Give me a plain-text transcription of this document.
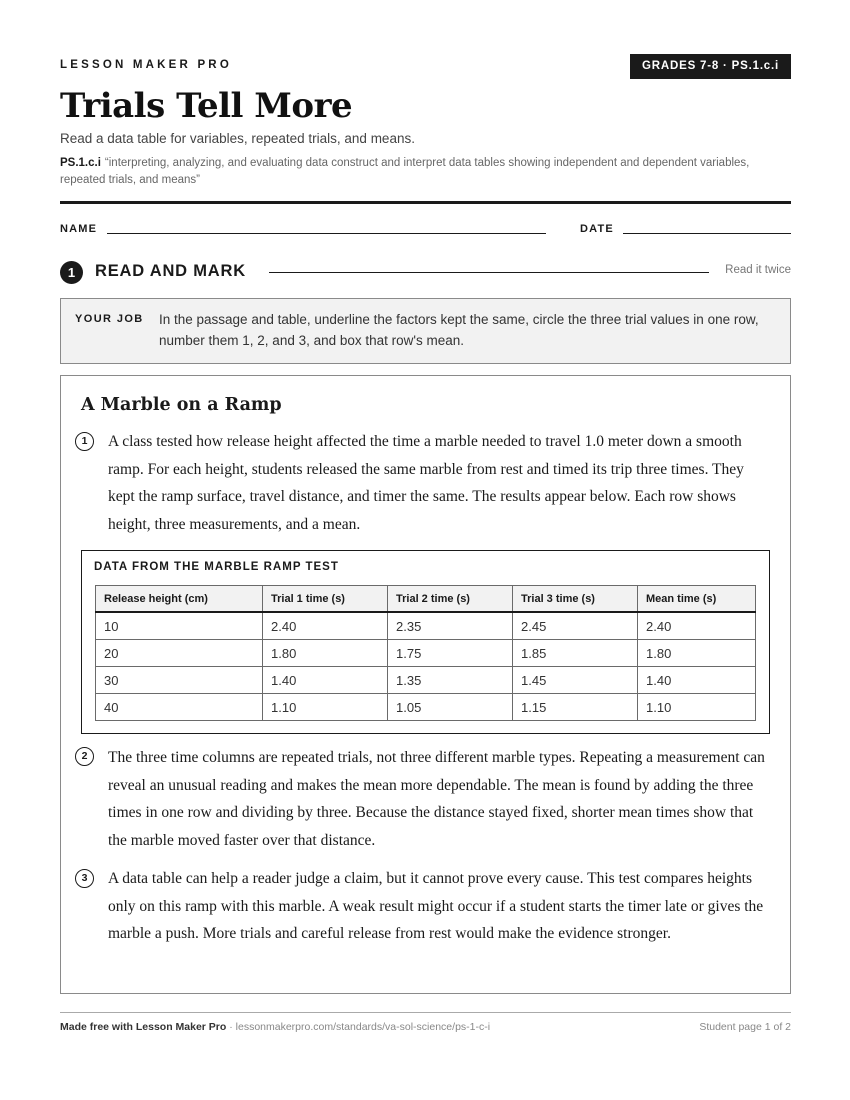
LESSON MAKER PRO	GRADES 7-8 · PS.1.c.i
Trials Tell More
Read a data table for variables, repeated trials, and means.
PS.1.c.i “interpreting, analyzing, and evaluating data construct and interpret data tables showing independent and dependent variables, repeated trials, and means”
NAME	DATE
1	READ AND MARK	Read it twice
YOUR JOB In the passage and table, underline the factors kept the same, circle the three trial values in one row, number them 1, 2, and 3, and box that row's mean.
A Marble on a Ramp
1	A class tested how release height affected the time a marble needed to travel 1.0 meter down a smooth ramp. For each height, students released the same marble from rest and timed its trip three times. They kept the ramp surface, travel distance, and timer the same. The results appear below. Each row shows height, three measurements, and a mean.
DATA FROM THE MARBLE RAMP TEST
Release height (cm)	Trial 1 time (s)	Trial 2 time (s)	Trial 3 time (s)	Mean time (s)
10	2.40	2.35	2.45	2.40
20	1.80	1.75	1.85	1.80
30	1.40	1.35	1.45	1.40
40	1.10	1.05	1.15	1.10
2	The three time columns are repeated trials, not three different marble types. Repeating a measurement can reveal an unusual reading and makes the mean more dependable. The mean is found by adding the three times in one row and dividing by three. Because the distance stayed fixed, shorter mean times show that the marble moved faster over that distance.
3	A data table can help a reader judge a claim, but it cannot prove every cause. This test compares heights only on this ramp with this marble. A weak result might occur if a student starts the timer late or gives the marble a push. More trials and careful release from rest would make the evidence stronger.
Made free with Lesson Maker Pro · lessonmakerpro.com/standards/va-sol-science/ps-1-c-i	Student page 1 of 2
